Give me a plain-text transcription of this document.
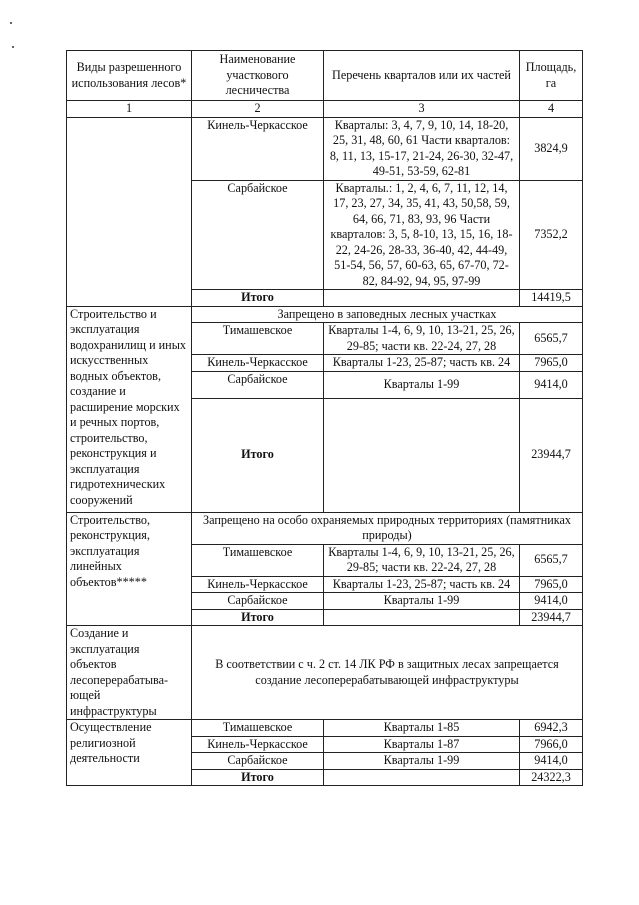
Виды разрешенного использования лесов*	Наименование участкового лесничества	Перечень кварталов или их частей	Площадь, га
1	2	3	4
	Кинель-Черкасское	Кварталы: 3, 4, 7, 9, 10, 14, 18-20, 25, 31, 48, 60, 61 Части кварталов: 8, 11, 13, 15-17, 21-24, 26-30, 32-47, 49-51, 53-59, 62-81	3824,9
	Сарбайское	Кварталы.: 1, 2, 4, 6, 7, 11, 12, 14, 17, 23, 27, 34, 35, 41, 43, 50,58, 59, 64, 66, 71, 83, 93, 96 Части кварталов: 3, 5, 8-10, 13, 15, 16, 18-22, 24-26, 28-33, 36-40, 42, 44-49, 51-54, 56, 57, 60-63, 65, 67-70, 72-82, 84-92, 94, 95, 97-99	7352,2
	Итого		14419,5
Строительство и эксплуатация водохранилищ и иных искусственных водных объектов, создание и расширение морских и речных портов, строительство, реконструкция и эксплуатация гидротехнических сооружений	Запрещено в заповедных лесных участках		
	Тимашевское	Кварталы 1-4, 6, 9, 10, 13-21, 25, 26, 29-85; части кв. 22-24, 27, 28	6565,7
	Кинель-Черкасское	Кварталы 1-23, 25-87; часть кв. 24	7965,0
	Сарбайское	Кварталы 1-99	9414,0
	Итого		23944,7
Строительство, реконструкция, эксплуатация линейных объектов*****	Запрещено на особо охраняемых природных территориях (памятниках природы)		
	Тимашевское	Кварталы 1-4, 6, 9, 10, 13-21, 25, 26, 29-85; части кв. 22-24, 27, 28	6565,7
	Кинель-Черкасское	Кварталы 1-23, 25-87; часть кв. 24	7965,0
	Сарбайское	Кварталы 1-99	9414,0
	Итого		23944,7
Создание и эксплуатация объектов лесоперерабатыва-ющей инфраструктуры	В соответствии с ч. 2 ст. 14 ЛК РФ в защитных лесах запрещается создание лесоперерабатывающей инфраструктуры		
Осуществление религиозной деятельности	Тимашевское	Кварталы 1-85	6942,3
	Кинель-Черкасское	Кварталы 1-87	7966,0
	Сарбайское	Кварталы 1-99	9414,0
	Итого		24322,3
